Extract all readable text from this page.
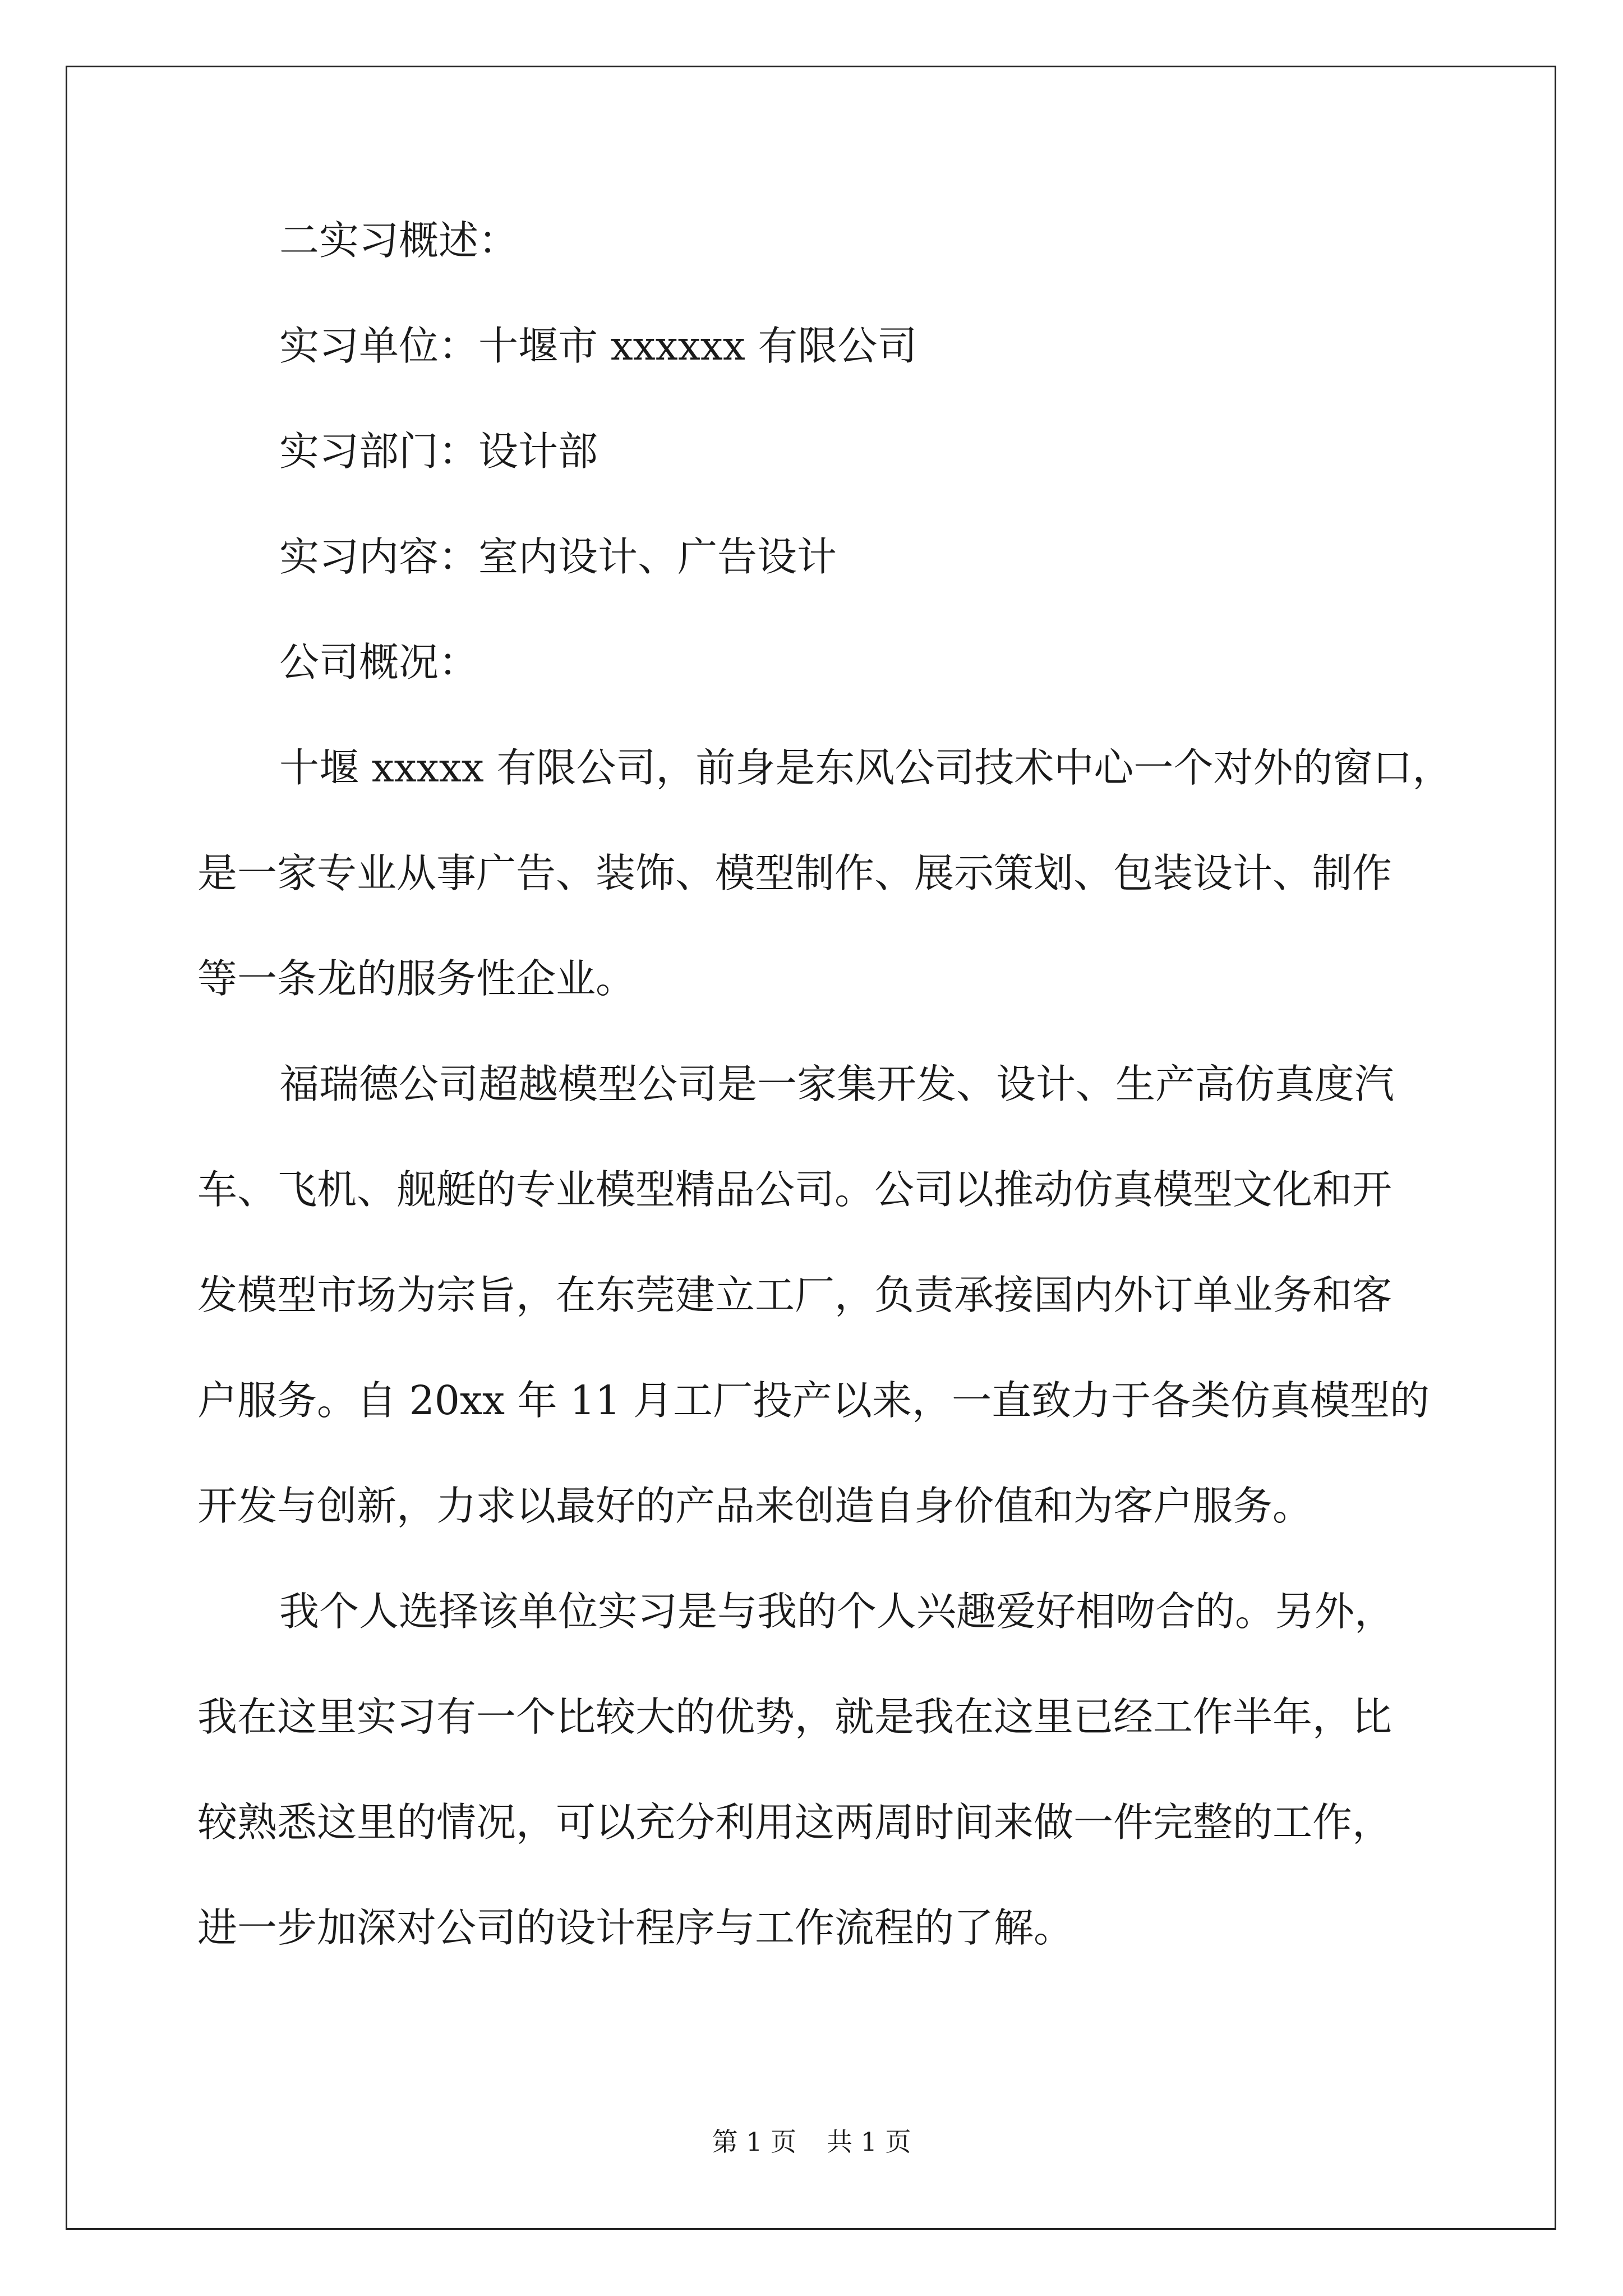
二实习概述：

实习单位：十堰市 xxxxxx 有限公司

实习部门：设计部

实习内容：室内设计、广告设计

公司概况：

十堰 xxxxx 有限公司，前身是东风公司技术中心一个对外的窗口，

是一家专业从事广告、装饰、模型制作、展示策划、包装设计、制作

等一条龙的服务性企业。

福瑞德公司超越模型公司是一家集开发、设计、生产高仿真度汽

车、飞机、舰艇的专业模型精品公司。公司以推动仿真模型文化和开

发模型市场为宗旨，在东莞建立工厂，负责承接国内外订单业务和客

户服务。自 20xx 年 11 月工厂投产以来，一直致力于各类仿真模型的

开发与创新，力求以最好的产品来创造自身价值和为客户服务。

我个人选择该单位实习是与我的个人兴趣爱好相吻合的。另外，

我在这里实习有一个比较大的优势，就是我在这里已经工作半年，比

较熟悉这里的情况，可以充分利用这两周时间来做一件完整的工作，

进一步加深对公司的设计程序与工作流程的了解。

第 1 页 共 1 页
